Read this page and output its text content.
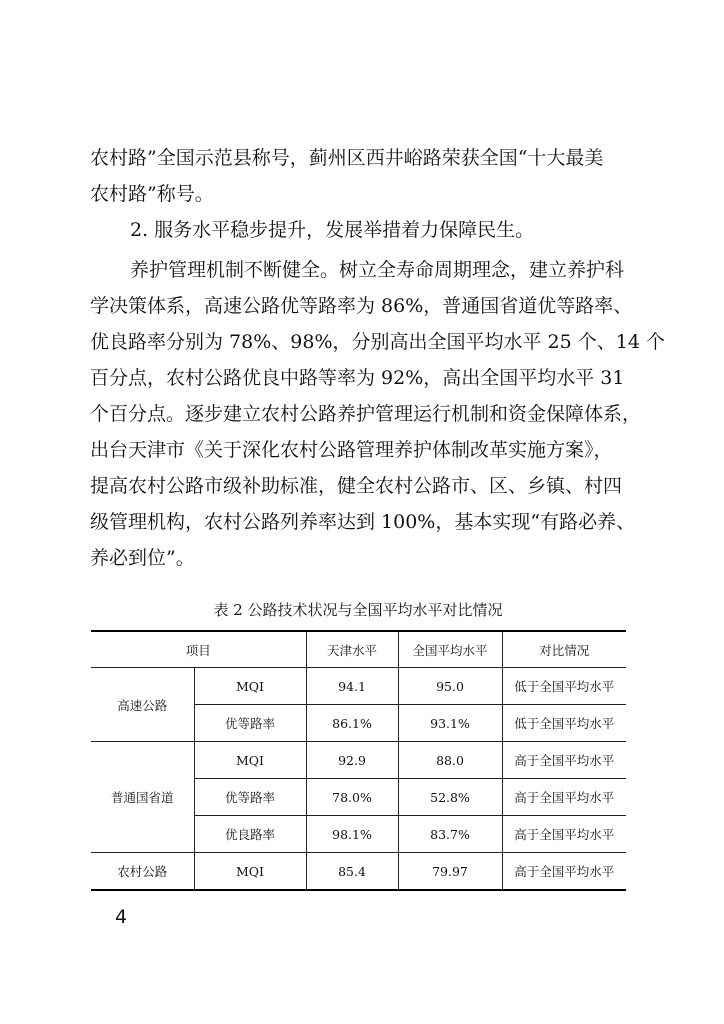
农村路”全国示范县称号，蓟州区西井峪路荣获全国“十大最美
农村路”称号。

2. 服务水平稳步提升，发展举措着力保障民生。

养护管理机制不断健全。树立全寿命周期理念，建立养护科
学决策体系，高速公路优等路率为 86%，普通国省道优等路率、
优良路率分别为 78%、98%，分别高出全国平均水平 25 个、14 个
百分点，农村公路优良中路等率为 92%，高出全国平均水平 31
个百分点。逐步建立农村公路养护管理运行机制和资金保障体系，
出台天津市《关于深化农村公路管理养护体制改革实施方案》，
提高农村公路市级补助标准，健全农村公路市、区、乡镇、村四
级管理机构，农村公路列养率达到 100%，基本实现“有路必养、
养必到位”。

表 2 公路技术状况与全国平均水平对比情况
项目		天津水平	全国平均水平	对比情况
高速公路	MQI	94.1	95.0	低于全国平均水平
	优等路率	86.1%	93.1%	低于全国平均水平
普通国省道	MQI	92.9	88.0	高于全国平均水平
	优等路率	78.0%	52.8%	高于全国平均水平
	优良路率	98.1%	83.7%	高于全国平均水平
农村公路	MQI	85.4	79.97	高于全国平均水平
4
